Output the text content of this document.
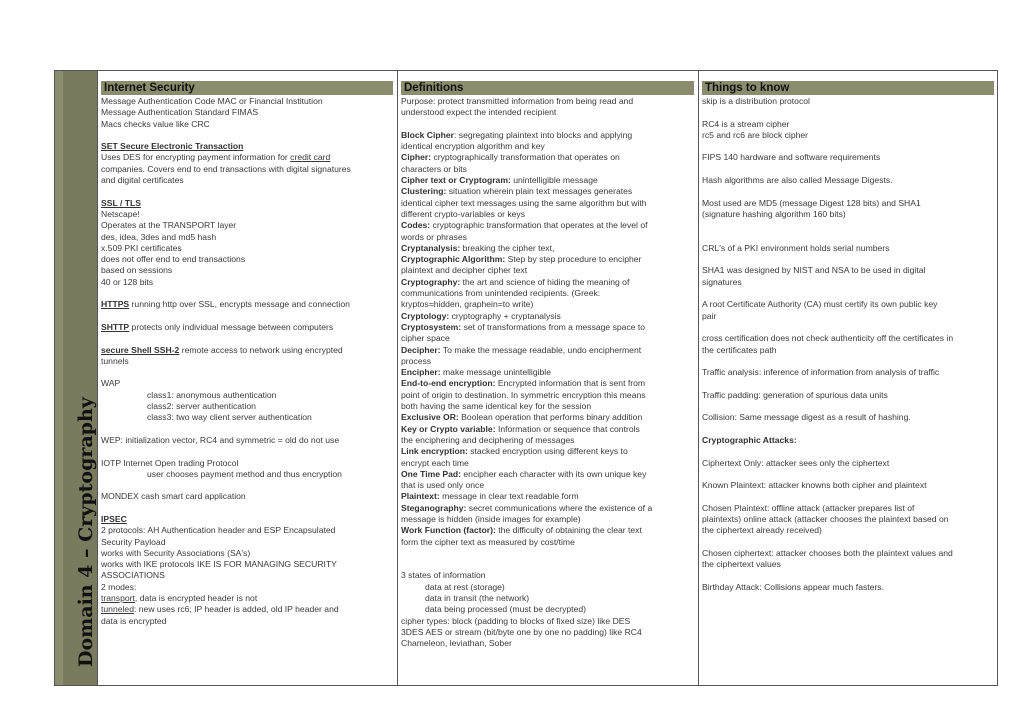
Domain 4 – Cryptography
Internet Security
Message Authentication Code MAC or Financial Institution
Message Authentication Standard FIMAS
Macs checks value like CRC
SET Secure Electronic Transaction
Uses DES for encrypting payment information for credit card
companies. Covers end to end transactions with digital signatures
and digital certificates
SSL / TLS
Netscape!
Operates at the TRANSPORT layer
des, idea, 3des and md5 hash
x.509 PKI certificates
does not offer end to end transactions
based on sessions
40 or 128 bits
HTTPS running http over SSL, encrypts message and connection
SHTTP protects only individual message between computers
secure Shell SSH-2 remote access to network using encrypted
tunnels
WAP
class1: anonymous authentication
class2: server authentication
class3: two way client server authentication
WEP: initialization vector, RC4 and symmetric = old do not use
IOTP Internet Open trading Protocol
user chooses payment method and thus encryption
MONDEX cash smart card application
IPSEC
2 protocols: AH Authentication header and ESP Encapsulated
Security Payload
works with Security Associations (SA's)
works with IKE protocols IKE IS FOR MANAGING SECURITY
ASSOCIATIONS
2 modes:
transport, data is encrypted header is not
tunneled: new uses rc6; IP header is added, old IP header and
data is encrypted
Definitions
Purpose: protect transmitted information from being read and
understood expect the intended recipient
Block Cipher: segregating plaintext into blocks and applying
identical encryption algorithm and key
Cipher: cryptographically transformation that operates on
characters or bits
Cipher text or Cryptogram: unintelligible message
Clustering: situation wherein plain text messages generates
identical cipher text messages using the same algorithm but with
different crypto-variables or keys
Codes: cryptographic transformation that operates at the level of
words or phrases
Cryptanalysis: breaking the cipher text,
Cryptographic Algorithm: Step by step procedure to encipher
plaintext and decipher cipher text
Cryptography: the art and science of hiding the meaning of
communications from unintended recipients. (Greek:
kryptos=hidden, graphein=to write)
Cryptology: cryptography + cryptanalysis
Cryptosystem: set of transformations from a message space to
cipher space
Decipher: To make the message readable, undo encipherment
process
Encipher: make message unintelligible
End-to-end encryption: Encrypted information that is sent from
point of origin to destination. In symmetric encryption this means
both having the same identical key for the session
Exclusive OR: Boolean operation that performs binary addition
Key or Crypto variable: Information or sequence that controls
the enciphering and deciphering of messages
Link encryption: stacked encryption using different keys to
encrypt each time
One Time Pad: encipher each character with its own unique key
that is used only once
Plaintext: message in clear text readable form
Steganography: secret communications where the existence of a
message is hidden (inside images for example)
Work Function (factor): the difficulty of obtaining the clear text
form the cipher text as measured by cost/time
3 states of information
data at rest (storage)
data in transit (the network)
data being processed (must be decrypted)
cipher types: block (padding to blocks of fixed size) like DES
3DES AES or stream (bit/byte one by one no padding) like RC4
Chameleon, leviathan, Sober
Things to know
skip is a distribution protocol
RC4 is a stream cipher
rc5 and rc6 are block cipher
FIPS 140 hardware and software requirements
Hash algorithms are also called Message Digests.
Most used are MD5 (message Digest 128 bits) and SHA1
(signature hashing algorithm 160 bits)
CRL's of a PKI environment holds serial numbers
SHA1 was designed by NIST and NSA to be used in digital
signatures
A root Certificate Authority (CA) must certify its own public key
pair
cross certification does not check authenticity off the certificates in
the certificates path
Traffic analysis: inference of information from analysis of traffic
Traffic padding: generation of spurious data units
Collision: Same message digest as a result of hashing.
Cryptographic Attacks:
Ciphertext Only: attacker sees only the ciphertext
Known Plaintext: attacker knowns both cipher and plaintext
Chosen Plaintext: offline attack (attacker prepares list of
plaintexts) online attack (attacker chooses the plaintext based on
the ciphertext already received)
Chosen ciphertext: attacker chooses both the plaintext values and
the ciphertext values
Birthday Attack: Collisions appear much fasters.
